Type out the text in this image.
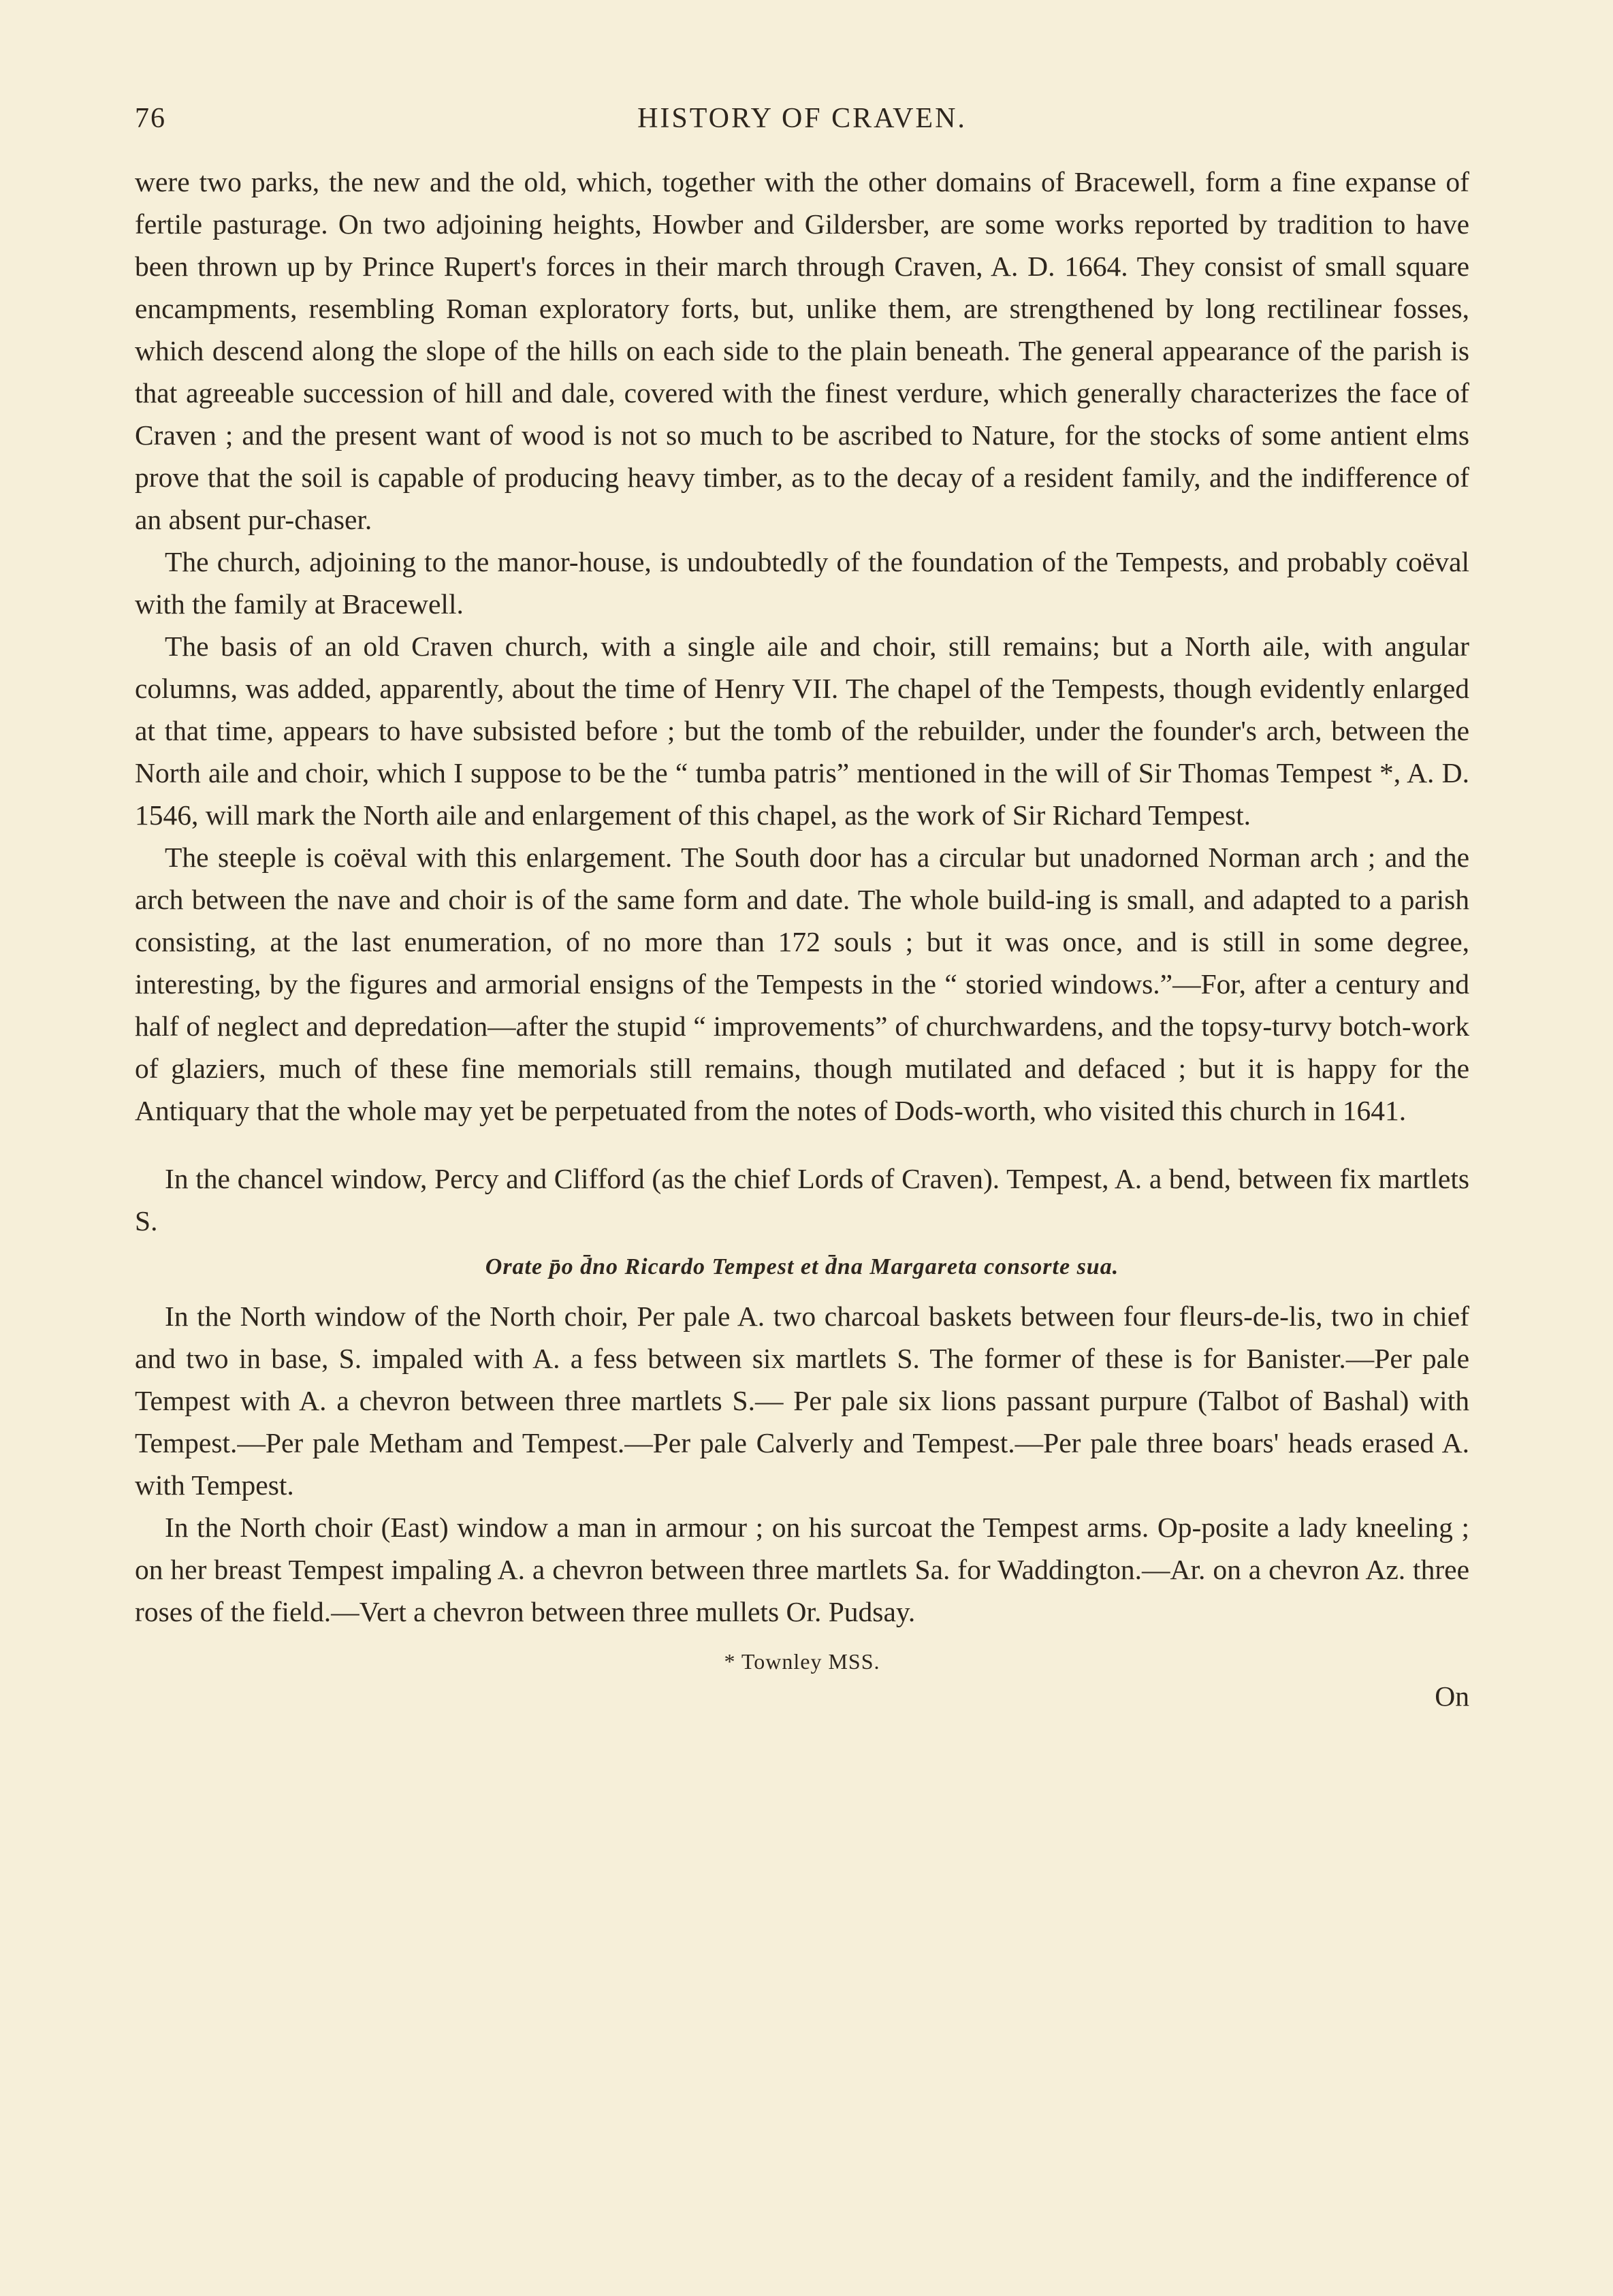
76	HISTORY OF CRAVEN.

were two parks, the new and the old, which, together with the other domains of Bracewell, form a fine expanse of fertile pasturage. On two adjoining heights, Howber and Gildersber, are some works reported by tradition to have been thrown up by Prince Rupert's forces in their march through Craven, A. D. 1664. They consist of small square encampments, resembling Roman exploratory forts, but, unlike them, are strengthened by long rectilinear fosses, which descend along the slope of the hills on each side to the plain beneath. The general appearance of the parish is that agreeable succession of hill and dale, covered with the finest verdure, which generally characterizes the face of Craven ; and the present want of wood is not so much to be ascribed to Nature, for the stocks of some antient elms prove that the soil is capable of producing heavy timber, as to the decay of a resident family, and the indifference of an absent pur-chaser.

The church, adjoining to the manor-house, is undoubtedly of the foundation of the Tempests, and probably coëval with the family at Bracewell.

The basis of an old Craven church, with a single aile and choir, still remains; but a North aile, with angular columns, was added, apparently, about the time of Henry VII. The chapel of the Tempests, though evidently enlarged at that time, appears to have subsisted before ; but the tomb of the rebuilder, under the founder's arch, between the North aile and choir, which I suppose to be the “ tumba patris” mentioned in the will of Sir Thomas Tempest *, A. D. 1546, will mark the North aile and enlargement of this chapel, as the work of Sir Richard Tempest.

The steeple is coëval with this enlargement. The South door has a circular but unadorned Norman arch ; and the arch between the nave and choir is of the same form and date. The whole build-ing is small, and adapted to a parish consisting, at the last enumeration, of no more than 172 souls ; but it was once, and is still in some degree, interesting, by the figures and armorial ensigns of the Tempests in the “ storied windows.”—For, after a century and half of neglect and depredation—after the stupid “ improvements” of churchwardens, and the topsy-turvy botch-work of glaziers, much of these fine memorials still remains, though mutilated and defaced ; but it is happy for the Antiquary that the whole may yet be perpetuated from the notes of Dods-worth, who visited this church in 1641.

In the chancel window, Percy and Clifford (as the chief Lords of Craven). Tempest, A. a bend, between fix martlets S.

Orate p̄o d̄no Ricardo Tempest et d̄na Margareta consorte sua.

In the North window of the North choir, Per pale A. two charcoal baskets between four fleurs-de-lis, two in chief and two in base, S. impaled with A. a fess between six martlets S. The former of these is for Banister.—Per pale Tempest with A. a chevron between three martlets S.— Per pale six lions passant purpure (Talbot of Bashal) with Tempest.—Per pale Metham and Tempest.—Per pale Calverly and Tempest.—Per pale three boars' heads erased A. with Tempest.

In the North choir (East) window a man in armour ; on his surcoat the Tempest arms. Op-posite a lady kneeling ; on her breast Tempest impaling A. a chevron between three martlets Sa. for Waddington.—Ar. on a chevron Az. three roses of the field.—Vert a chevron between three mullets Or. Pudsay.

* Townley MSS.
On
